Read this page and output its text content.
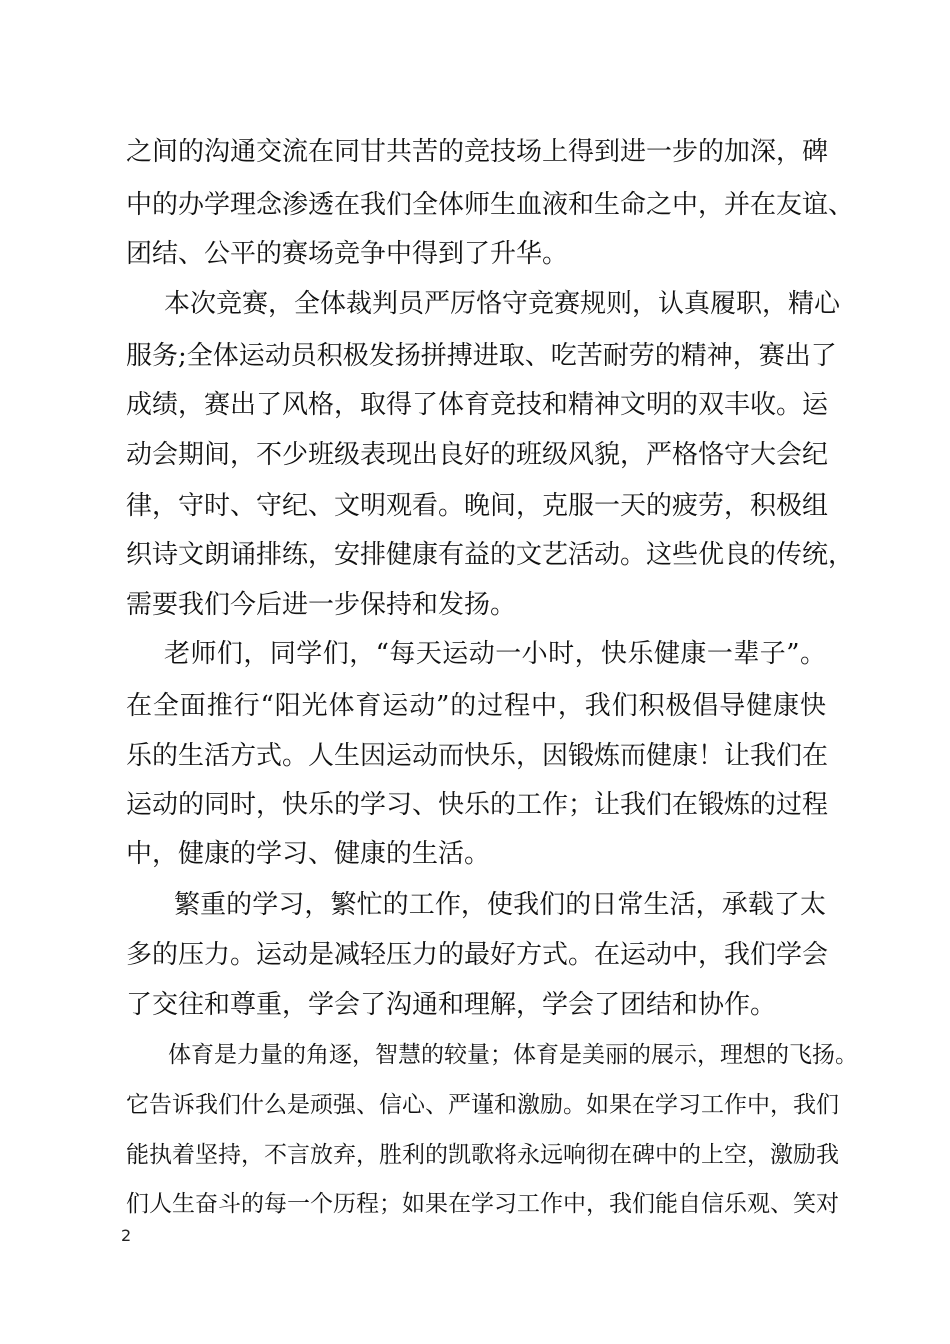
之间的沟通交流在同甘共苦的竞技场上得到进一步的加深，碑
中的办学理念渗透在我们全体师生血液和生命之中，并在友谊、
团结、公平的赛场竞争中得到了升华。
本次竞赛，全体裁判员严厉恪守竞赛规则，认真履职，精心
服务;全体运动员积极发扬拼搏进取、吃苦耐劳的精神，赛出了
成绩，赛出了风格，取得了体育竞技和精神文明的双丰收。运
动会期间，不少班级表现出良好的班级风貌，严格恪守大会纪
律，守时、守纪、文明观看。晚间，克服一天的疲劳，积极组
织诗文朗诵排练，安排健康有益的文艺活动。这些优良的传统，
需要我们今后进一步保持和发扬。
老师们，同学们，“每天运动一小时，快乐健康一辈子”。
在全面推行“阳光体育运动”的过程中，我们积极倡导健康快
乐的生活方式。人生因运动而快乐，因锻炼而健康！让我们在
运动的同时，快乐的学习、快乐的工作；让我们在锻炼的过程
中，健康的学习、健康的生活。
繁重的学习，繁忙的工作，使我们的日常生活，承载了太
多的压力。运动是减轻压力的最好方式。在运动中，我们学会
了交往和尊重，学会了沟通和理解，学会了团结和协作。
体育是力量的角逐，智慧的较量；体育是美丽的展示，理想的飞扬。
它告诉我们什么是顽强、信心、严谨和激励。如果在学习工作中，我们
能执着坚持，不言放弃，胜利的凯歌将永远响彻在碑中的上空，激励我
们人生奋斗的每一个历程；如果在学习工作中，我们能自信乐观、笑对
2
